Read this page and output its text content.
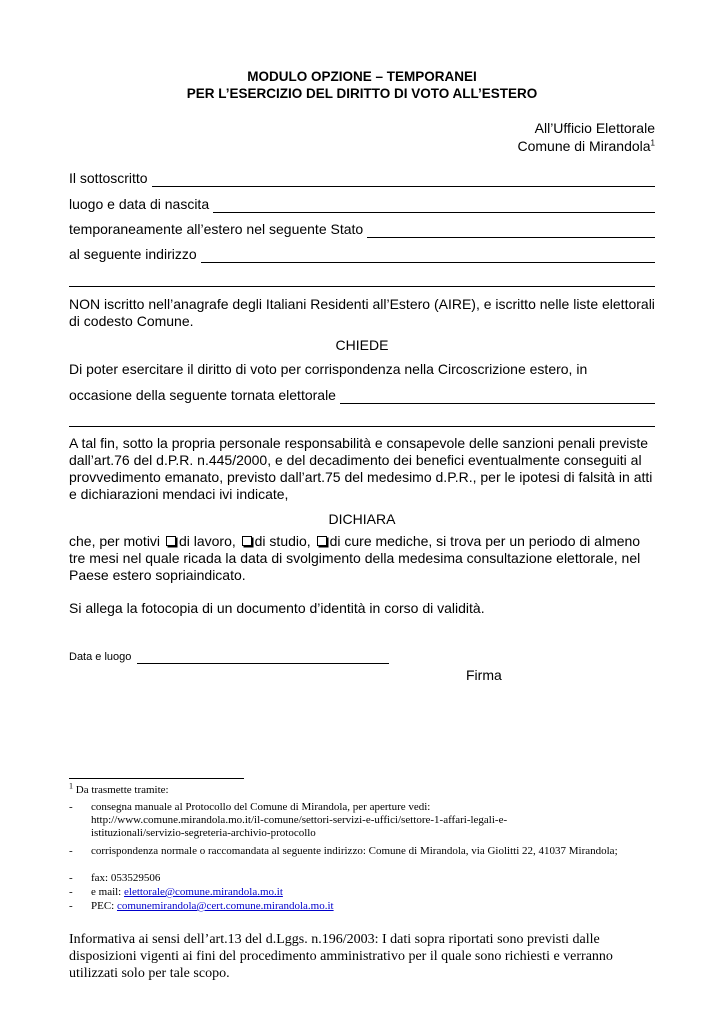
MODULO OPZIONE – TEMPORANEI
PER L’ESERCIZIO DEL DIRITTO DI VOTO ALL’ESTERO
All’Ufficio Elettorale
Comune di Mirandola$^1$
Il sottoscritto
luogo e data di nascita
temporaneamente all’estero nel seguente Stato
al seguente indirizzo
NON iscritto nell’anagrafe degli Italiani Residenti all’Estero (AIRE), e iscritto nelle liste elettorali di codesto Comune.
CHIEDE
Di poter esercitare il diritto di voto per corrispondenza nella Circoscrizione estero, in
occasione della seguente tornata elettorale
A tal fin, sotto la propria personale responsabilità e consapevole delle sanzioni penali previste dall’art.76 del d.P.R. n.445/2000, e del decadimento dei benefici eventualmente conseguiti al provvedimento emanato, previsto dall’art.75 del medesimo d.P.R., per le ipotesi di falsità in atti e dichiarazioni mendaci ivi indicate,
DICHIARA
che, per motivi di lavoro, di studio, di cure mediche, si trova per un periodo di almeno tre mesi nel quale ricada la data di svolgimento della medesima consultazione elettorale, nel Paese estero sopriaindicato.
Si allega la fotocopia di un documento d’identità in corso di validità.
Data e luogo
Firma
$^1$ Da trasmette tramite:
- consegna manuale al Protocollo del Comune di Mirandola, per aperture vedi: http://www.comune.mirandola.mo.it/il-comune/settori-servizi-e-uffici/settore-1-affari-legali-e-istituzionali/servizio-segreteria-archivio-protocollo
- corrispondenza normale o raccomandata al seguente indirizzo: Comune di Mirandola, via Giolitti 22, 41037 Mirandola;
- fax: 053529506
- e mail: elettorale@comune.mirandola.mo.it
- PEC: comunemirandola@cert.comune.mirandola.mo.it
Informativa ai sensi dell’art.13 del d.Lggs. n.196/2003: I dati sopra riportati sono previsti dalle disposizioni vigenti ai fini del procedimento amministrativo per il quale sono richiesti e verranno utilizzati solo per tale scopo.
